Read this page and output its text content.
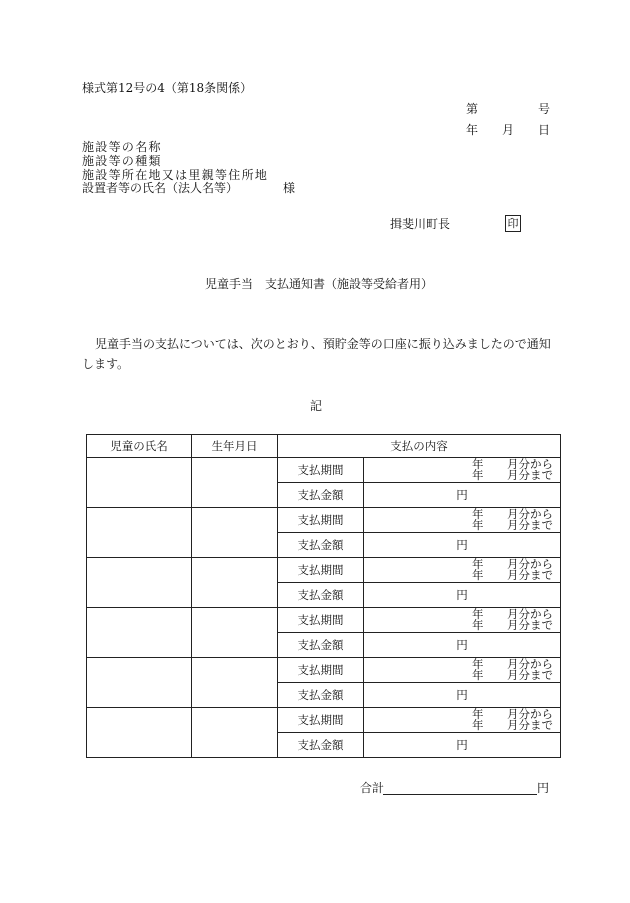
様式第12号の4（第18条関係）
第	号
年 月 日
施設等の名称
施設等の種類
施設等所在地又は里親等住所地
設置者等の氏名（法人名等）	様
揖斐川町長	印
児童手当　支払通知書（施設等受給者用）
児童手当の支払については、次のとおり、預貯金等の口座に振り込みましたので通知
します。
記
児童の氏名	生年月日	支払の内容	
		支払期間	年 月分から
年 月分まで

		支払金額	円
		支払期間	年 月分から
年 月分まで

		支払金額	円
		支払期間	年 月分から
年 月分まで

		支払金額	円
		支払期間	年 月分から
年 月分まで

		支払金額	円
		支払期間	年 月分から
年 月分まで

		支払金額	円
		支払期間	年 月分から
年 月分まで

		支払金額	円
合計	円
